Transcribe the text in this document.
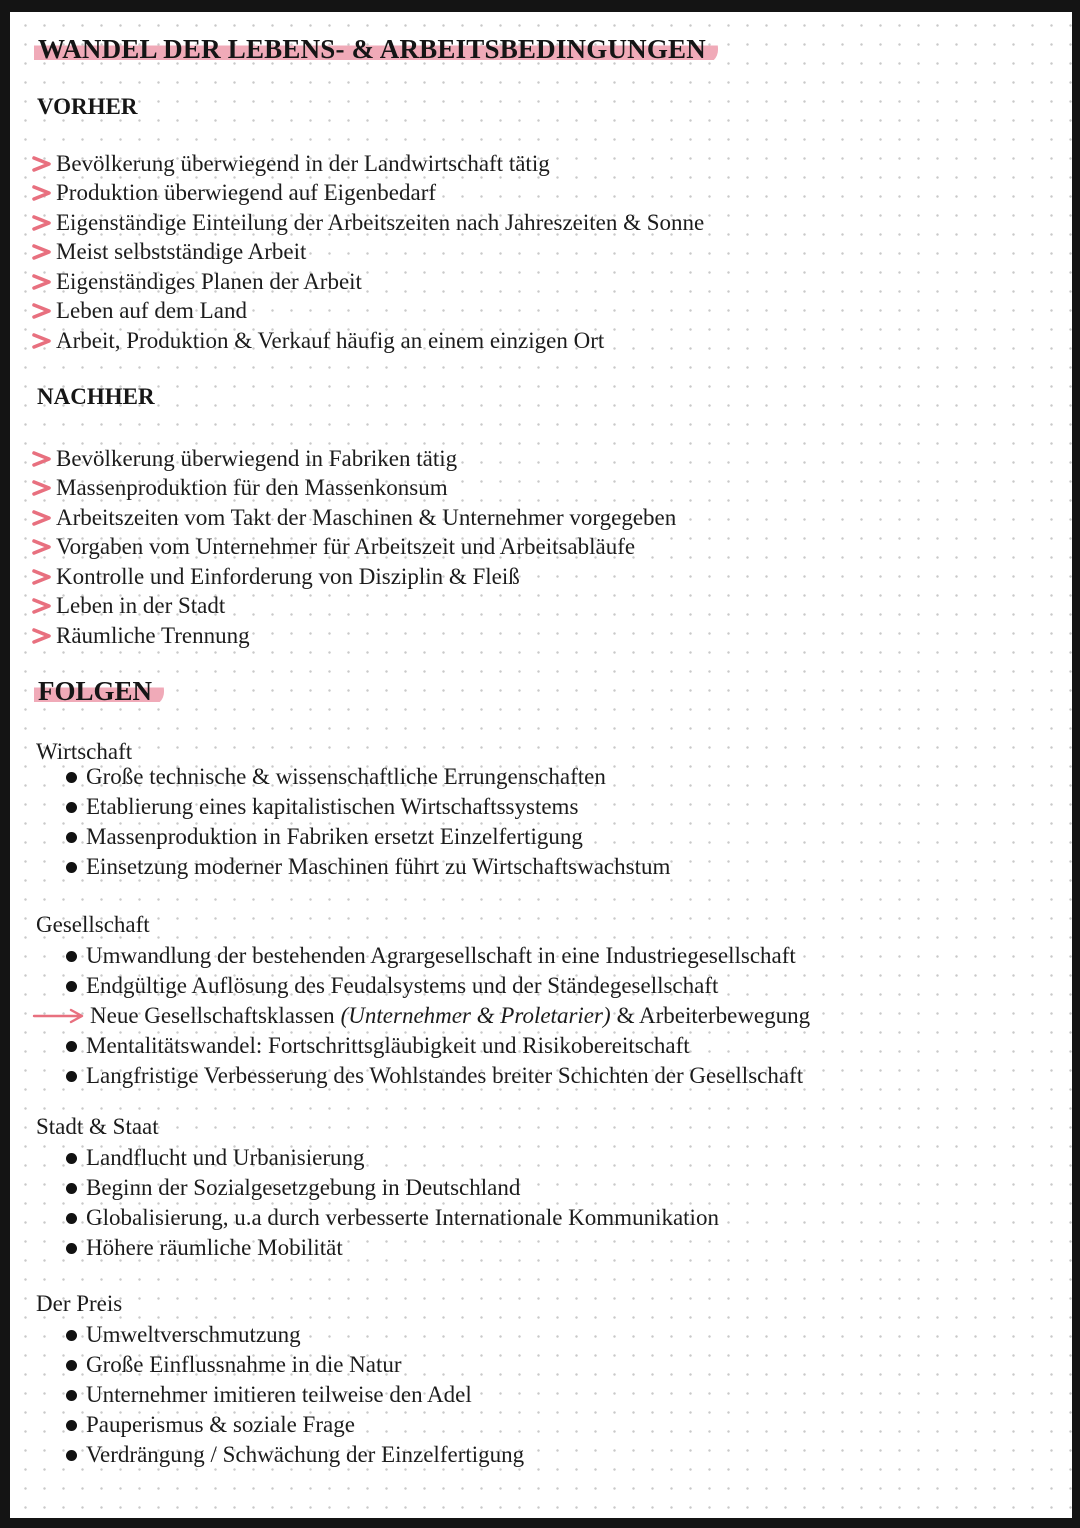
WANDEL DER LEBENS- & ARBEITSBEDINGUNGEN
VORHER
Bevölkerung überwiegend in der Landwirtschaft tätig
Produktion überwiegend auf Eigenbedarf
Eigenständige Einteilung der Arbeitszeiten nach Jahreszeiten & Sonne
Meist selbstständige Arbeit
Eigenständiges Planen der Arbeit
Leben auf dem Land
Arbeit, Produktion & Verkauf häufig an einem einzigen Ort
NACHHER
Bevölkerung überwiegend in Fabriken tätig
Massenproduktion für den Massenkonsum
Arbeitszeiten vom Takt der Maschinen & Unternehmer vorgegeben
Vorgaben vom Unternehmer für Arbeitszeit und Arbeitsabläufe
Kontrolle und Einforderung von Disziplin & Fleiß
Leben in der Stadt
Räumliche Trennung
FOLGEN

Wirtschaft

Große technische & wissenschaftliche Errungenschaften
Etablierung eines kapitalistischen Wirtschaftssystems
Massenproduktion in Fabriken ersetzt Einzelfertigung
Einsetzung moderner Maschinen führt zu Wirtschaftswachstum

Gesellschaft

Umwandlung der bestehenden Agrargesellschaft in eine Industriegesellschaft
Endgültige Auflösung des Feudalsystems und der Ständegesellschaft
Neue Gesellschaftsklassen (Unternehmer & Proletarier) & Arbeiterbewegung
Mentalitätswandel: Fortschrittsgläubigkeit und Risikobereitschaft
Langfristige Verbesserung des Wohlstandes breiter Schichten der Gesellschaft

Stadt & Staat

Landflucht und Urbanisierung
Beginn der Sozialgesetzgebung in Deutschland
Globalisierung, u.a durch verbesserte Internationale Kommunikation
Höhere räumliche Mobilität

Der Preis

Umweltverschmutzung
Große Einflussnahme in die Natur
Unternehmer imitieren teilweise den Adel
Pauperismus & soziale Frage
Verdrängung / Schwächung der Einzelfertigung
